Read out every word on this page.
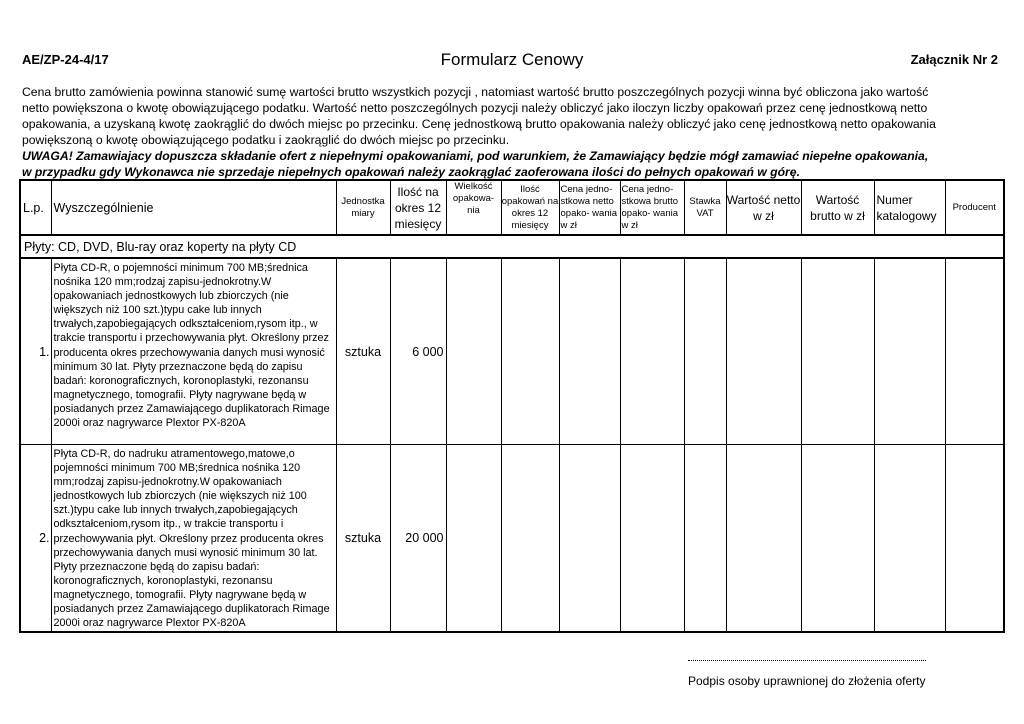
AE/ZP-24-4/17	Formularz Cenowy	Załącznik Nr 2
Cena brutto zamówienia powinna stanowić sumę wartości brutto wszystkich pozycji , natomiast wartość brutto poszczególnych pozycji winna być obliczona jako wartość netto powiększona o kwotę obowiązującego podatku. Wartość netto poszczególnych pozycji należy obliczyć jako iloczyn liczby opakowań przez cenę jednostkową netto opakowania, a uzyskaną kwotę zaokrąglić do dwóch miejsc po przecinku. Cenę jednostkową brutto opakowania należy obliczyć jako cenę jednostkową netto opakowania powiększoną o kwotę obowiązującego podatku i zaokrąglić do dwóch miejsc po przecinku.
UWAGA! Zamawiajacy dopuszcza składanie ofert z niepełnymi opakowaniami, pod warunkiem, że Zamawiający będzie mógł zamawiać niepełne opakowania,
w przypadku gdy Wykonawca nie sprzedaje niepełnych opakowań należy zaokrąglać zaoferowana ilości do pełnych opakowań w górę.
L.p.	Wyszczególnienie	Jednostka miary	Ilość na okres 12 miesięcy	Wielkość opakowa- nia	Ilość opakowań na okres 12 miesięcy	Cena jedno- stkowa netto opako- wania w zł	Cena jedno- stkowa brutto opako- wania w zł	Stawka VAT	Wartość netto w zł	Wartość brutto w zł	Numer katalogowy	Producent
Płyty: CD, DVD, Blu-ray oraz koperty na płyty CD												
1.	Płyta CD-R, o pojemności minimum 700 MB;średnica nośnika 120 mm;rodzaj zapisu-jednokrotny.W opakowaniach jednostkowych lub zbiorczych (nie większych niż 100 szt.)typu cake lub innych trwałych,zapobiegających odkształceniom,rysom itp., w trakcie transportu i przechowywania płyt. Określony przez producenta okres przechowywania danych musi wynosić minimum 30 lat. Płyty przeznaczone będą do zapisu badań: koronograficznych, koronoplastyki, rezonansu magnetycznego, tomografii. Płyty nagrywane będą w posiadanych przez Zamawiającego duplikatorach Rimage 2000i oraz nagrywarce Plextor PX-820A	sztuka	6 000									
2.	Płyta CD-R, do nadruku atramentowego,matowe,o pojemności minimum 700 MB;średnica nośnika 120 mm;rodzaj zapisu-jednokrotny.W opakowaniach jednostkowych lub zbiorczych (nie większych niż 100 szt.)typu cake lub innych trwałych,zapobiegających odkształceniom,rysom itp., w trakcie transportu i przechowywania płyt. Określony przez producenta okres przechowywania danych musi wynosić minimum 30 lat. Płyty przeznaczone będą do zapisu badań: koronograficznych, koronoplastyki, rezonansu magnetycznego, tomografii. Płyty nagrywane będą w posiadanych przez Zamawiającego duplikatorach Rimage 2000i oraz nagrywarce Plextor PX-820A	sztuka	20 000									
Podpis osoby uprawnionej do złożenia oferty
